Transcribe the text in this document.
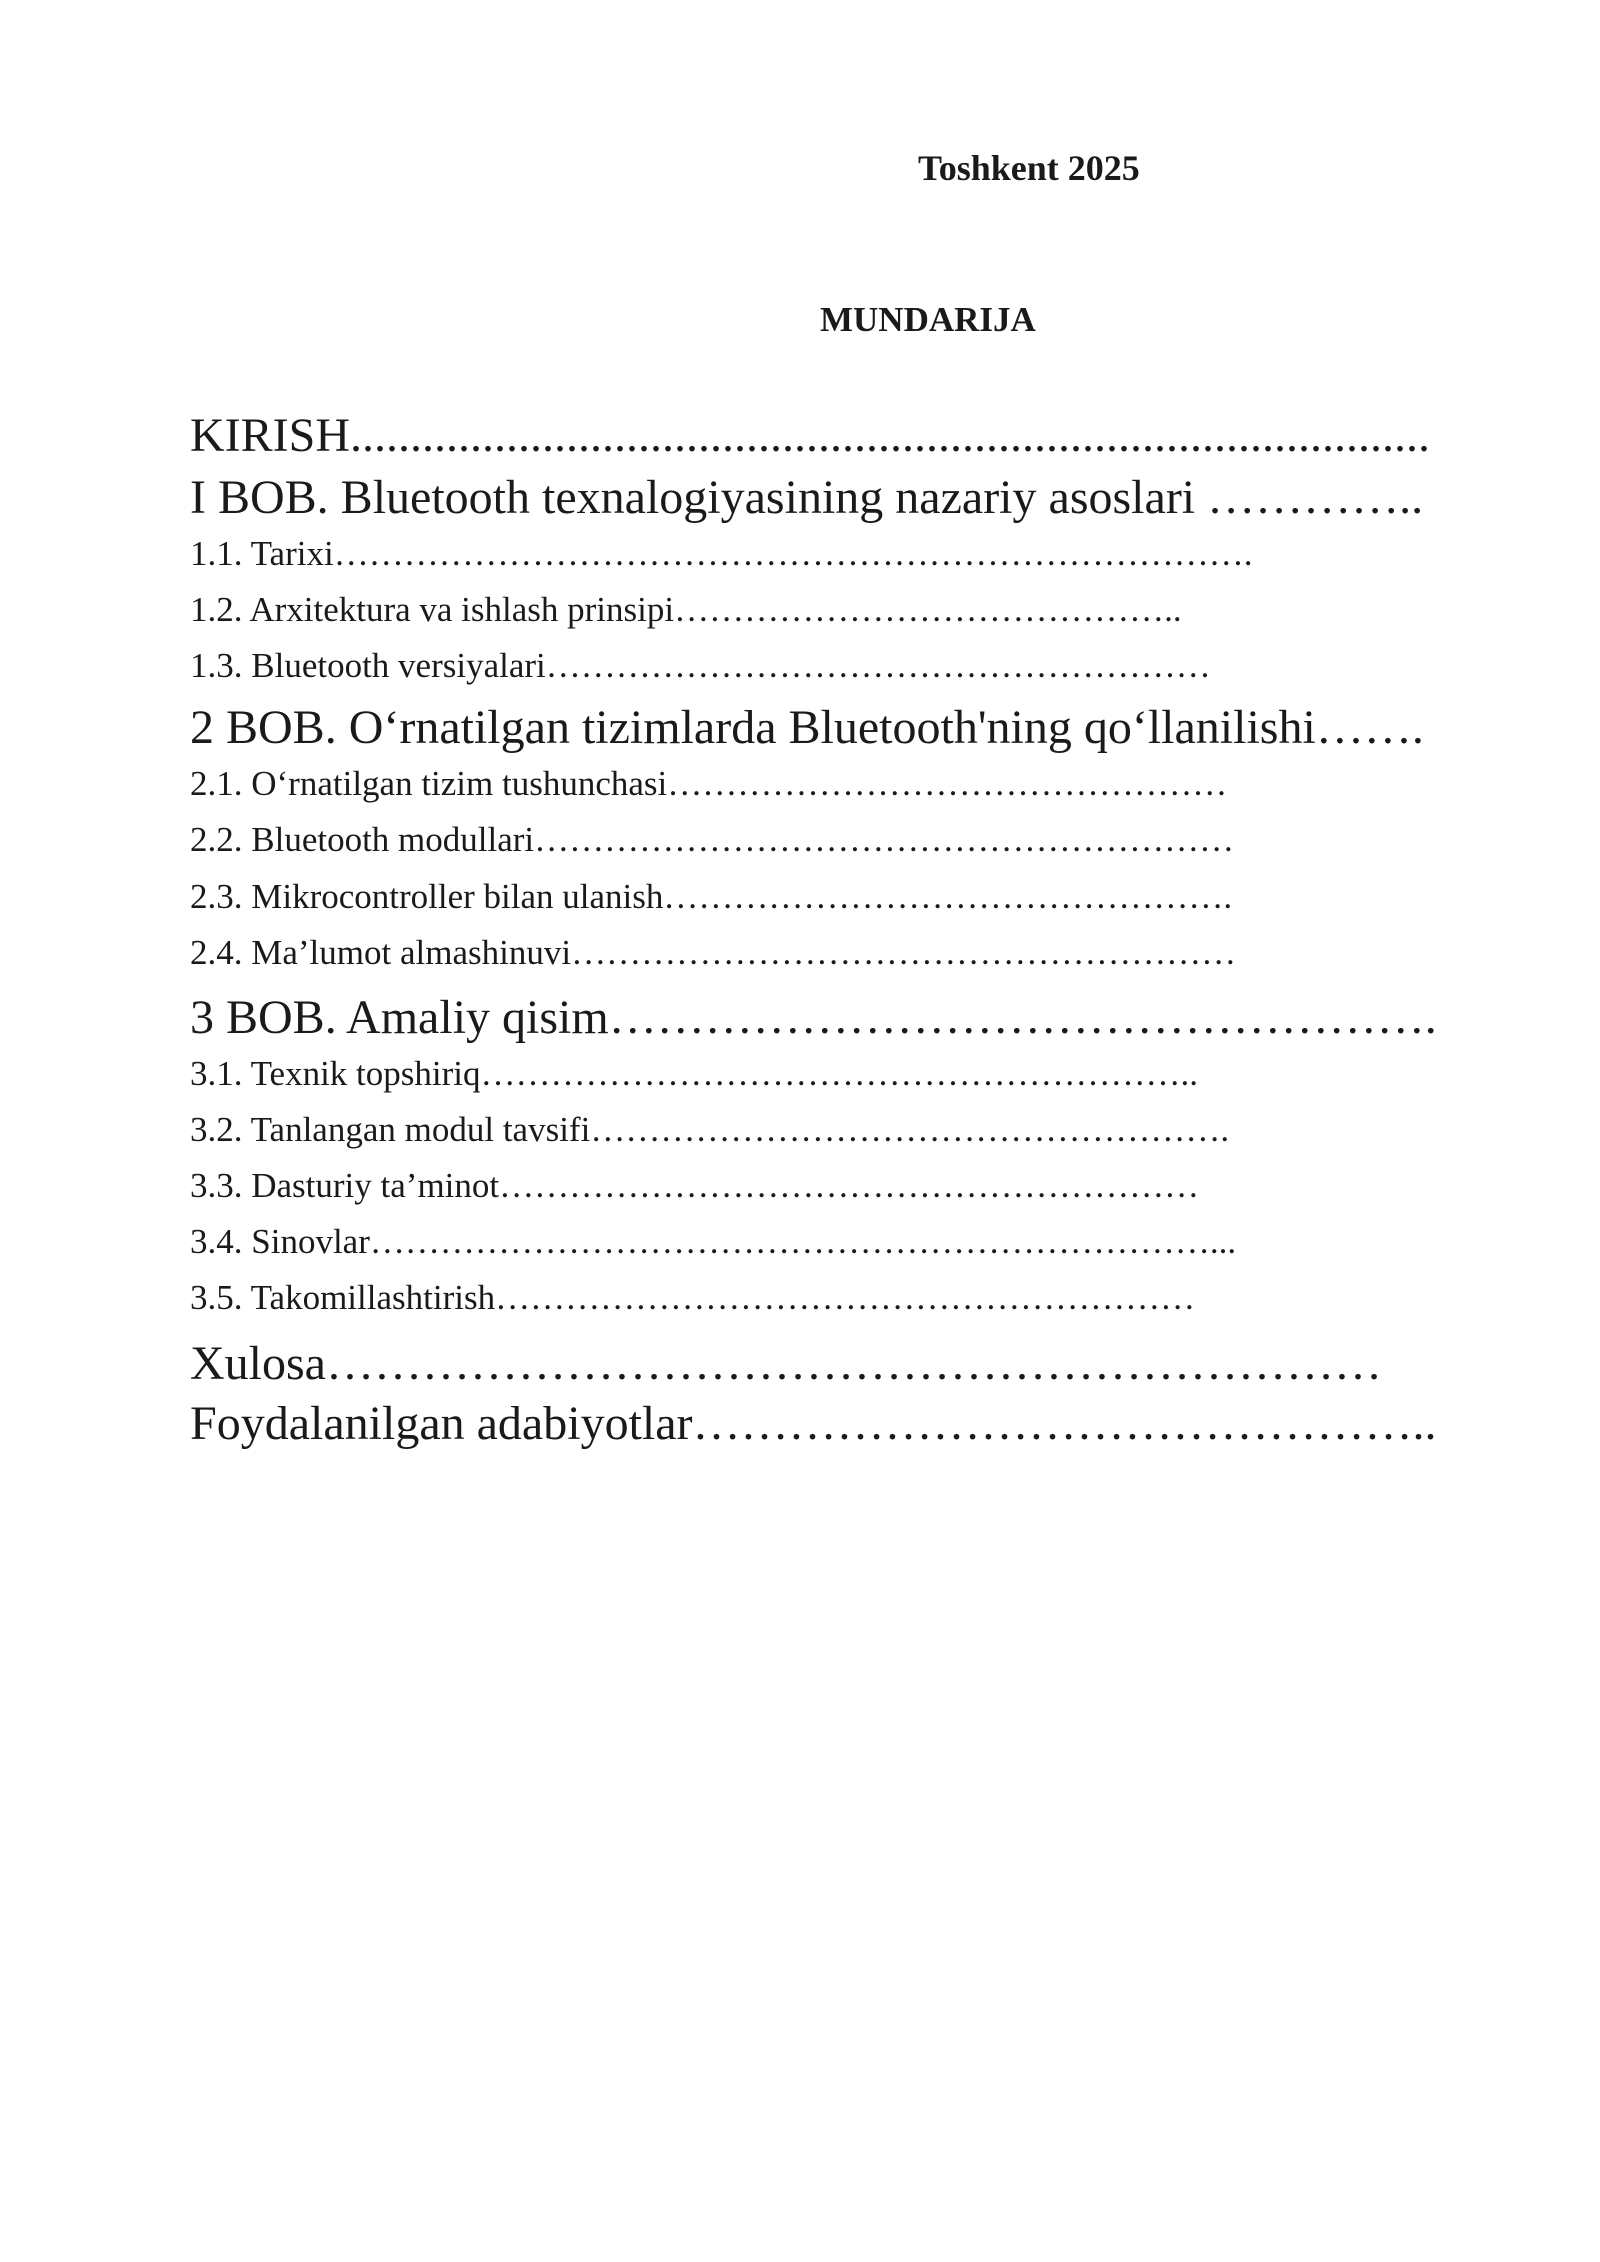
Toshkent 2025
MUNDARIJA
KIRISH..........................................................................................
I BOB. Bluetooth texnalogiyasining nazariy asoslari …………..
1.1. Tarixi…………………………………………………………………….
1.2. Arxitektura va ishlash prinsipi……………………………………..
1.3. Bluetooth versiyalari…………………………………………………
2 BOB. Oʻrnatilgan tizimlarda Bluetooth'ning qoʻllanilishi…….
2.1. Oʻrnatilgan tizim tushunchasi…………………………………………
2.2. Bluetooth modullari……………………………………………………
2.3. Mikrocontroller bilan ulanish………………………………………….
2.4. Ma’lumot almashinuvi…………………………………………………
3 BOB. Amaliy qisim…………………………………………….
3.1. Texnik topshiriq……………………………………………………..
3.2. Tanlangan modul tavsifi……………………………………………….
3.3. Dasturiy ta’minot……………………………………………………
3.4. Sinovlar………………………………………………………………...
3.5. Takomillashtirish……………………………………………………
Xulosa…………………………………………………………
Foydalanilgan adabiyotlar………………………………………..
